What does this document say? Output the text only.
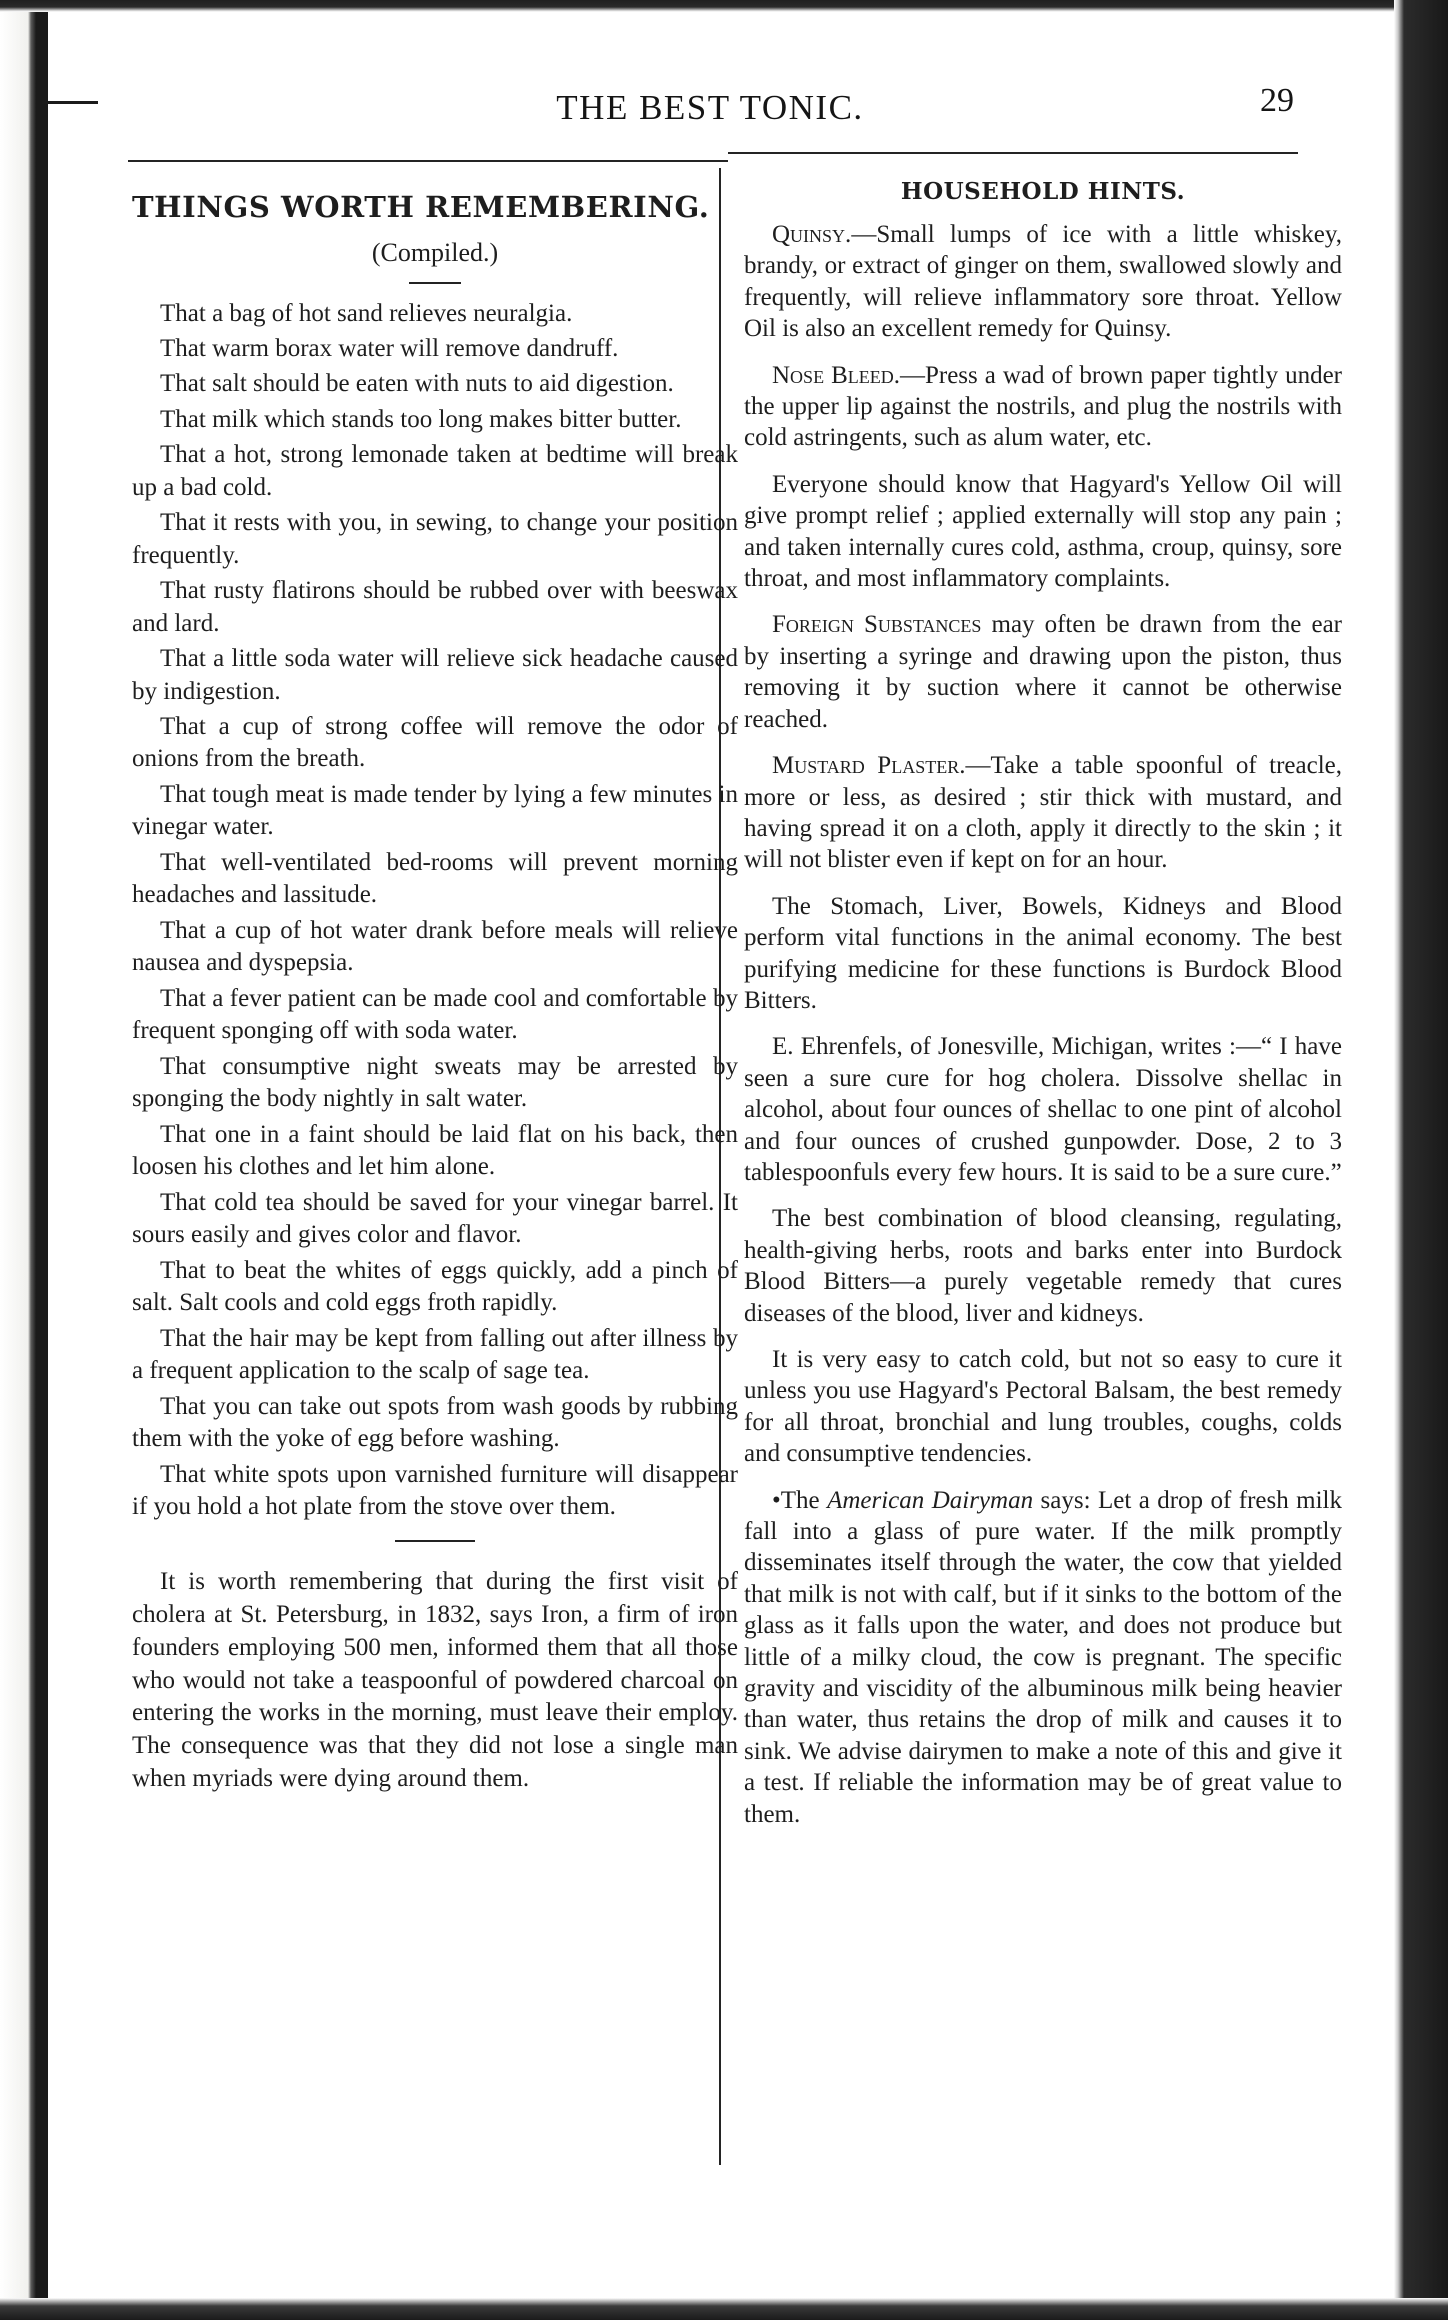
THE BEST TONIC.	29
THINGS WORTH REMEMBERING.
(Compiled.)

That a bag of hot sand relieves neuralgia.

That warm borax water will remove dandruff.

That salt should be eaten with nuts to aid digestion.

That milk which stands too long makes bitter butter.

That a hot, strong lemonade taken at bedtime will break up a bad cold.

That it rests with you, in sewing, to change your position frequently.

That rusty flatirons should be rubbed over with beeswax and lard.

That a little soda water will relieve sick headache caused by indigestion.

That a cup of strong coffee will remove the odor of onions from the breath.

That tough meat is made tender by lying a few minutes in vinegar water.

That well-ventilated bed-rooms will prevent morning headaches and lassitude.

That a cup of hot water drank before meals will relieve nausea and dyspepsia.

That a fever patient can be made cool and comfortable by frequent sponging off with soda water.

That consumptive night sweats may be arrested by sponging the body nightly in salt water.

That one in a faint should be laid flat on his back, then loosen his clothes and let him alone.

That cold tea should be saved for your vinegar barrel. It sours easily and gives color and flavor.

That to beat the whites of eggs quickly, add a pinch of salt. Salt cools and cold eggs froth rapidly.

That the hair may be kept from falling out after illness by a frequent application to the scalp of sage tea.

That you can take out spots from wash goods by rubbing them with the yoke of egg before washing.

That white spots upon varnished furniture will disappear if you hold a hot plate from the stove over them.

It is worth remembering that during the first visit of cholera at St. Petersburg, in 1832, says Iron, a firm of iron founders employing 500 men, informed them that all those who would not take a teaspoonful of powdered charcoal on entering the works in the morning, must leave their employ. The consequence was that they did not lose a single man when myriads were dying around them.

HOUSEHOLD HINTS.

Quinsy.—Small lumps of ice with a little whiskey, brandy, or extract of ginger on them, swallowed slowly and frequently, will relieve inflammatory sore throat. Yellow Oil is also an excellent remedy for Quinsy.

Nose Bleed.—Press a wad of brown paper tightly under the upper lip against the nostrils, and plug the nostrils with cold astringents, such as alum water, etc.

Everyone should know that Hagyard's Yellow Oil will give prompt relief ; applied externally will stop any pain ; and taken internally cures cold, asthma, croup, quinsy, sore throat, and most inflammatory complaints.

Foreign Substances may often be drawn from the ear by inserting a syringe and drawing upon the piston, thus removing it by suction where it cannot be otherwise reached.

Mustard Plaster.—Take a table spoonful of treacle, more or less, as desired ; stir thick with mustard, and having spread it on a cloth, apply it directly to the skin ; it will not blister even if kept on for an hour.

The Stomach, Liver, Bowels, Kidneys and Blood perform vital functions in the animal economy. The best purifying medicine for these functions is Burdock Blood Bitters.

E. Ehrenfels, of Jonesville, Michigan, writes :—“ I have seen a sure cure for hog cholera. Dissolve shellac in alcohol, about four ounces of shellac to one pint of alcohol and four ounces of crushed gunpowder. Dose, 2 to 3 tablespoonfuls every few hours. It is said to be a sure cure.”

The best combination of blood cleansing, regulating, health-giving herbs, roots and barks enter into Burdock Blood Bitters—a purely vegetable remedy that cures diseases of the blood, liver and kidneys.

It is very easy to catch cold, but not so easy to cure it unless you use Hagyard's Pectoral Balsam, the best remedy for all throat, bronchial and lung troubles, coughs, colds and consumptive tendencies.

•The American Dairyman says: Let a drop of fresh milk fall into a glass of pure water. If the milk promptly disseminates itself through the water, the cow that yielded that milk is not with calf, but if it sinks to the bottom of the glass as it falls upon the water, and does not produce but little of a milky cloud, the cow is pregnant. The specific gravity and viscidity of the albuminous milk being heavier than water, thus retains the drop of milk and causes it to sink. We advise dairymen to make a note of this and give it a test. If reliable the information may be of great value to them.
